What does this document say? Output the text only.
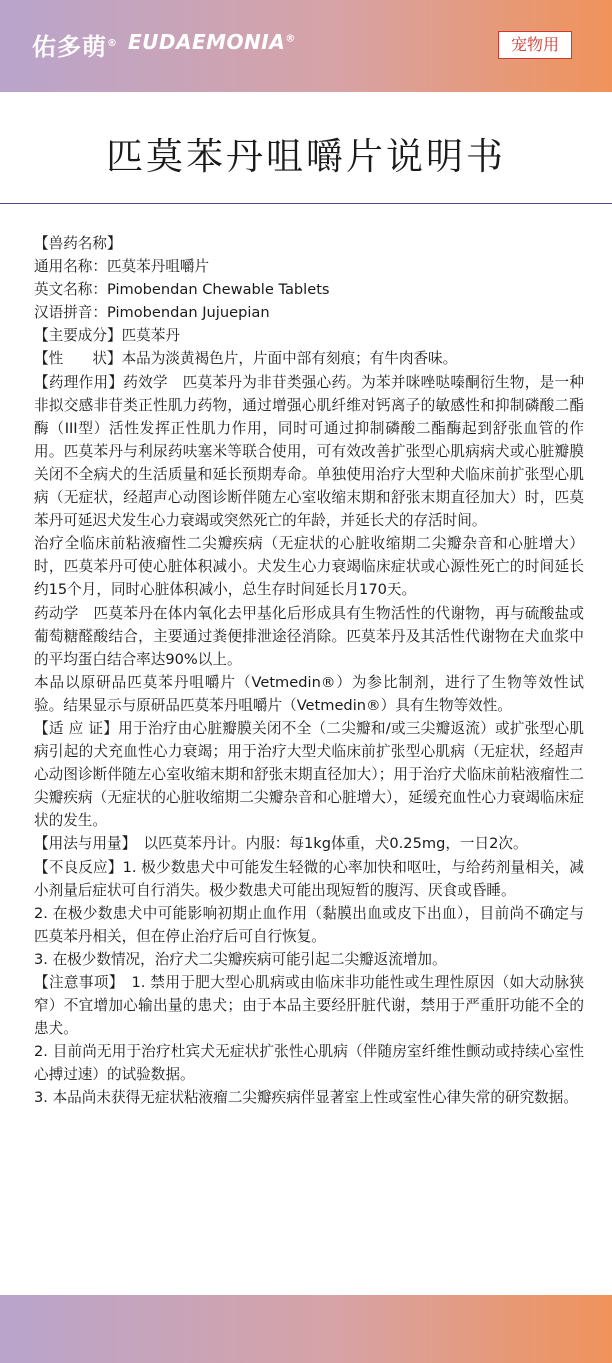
佑多萌® EUDAEMONIA®	宠物用
匹莫苯丹咀嚼片说明书

【兽药名称】

通用名称：匹莫苯丹咀嚼片

英文名称：Pimobendan Chewable Tablets

汉语拼音：Pimobendan Jujuepian

【主要成分】匹莫苯丹

【性　　状】本品为淡黄褐色片，片面中部有刻痕；有牛肉香味。

【药理作用】药效学　匹莫苯丹为非苷类强心药。为苯并咪唑哒嗪酮衍生物，是一种非拟交感非苷类正性肌力药物，通过增强心肌纤维对钙离子的敏感性和抑制磷酸二酯酶（III型）活性发挥正性肌力作用，同时可通过抑制磷酸二酯酶起到舒张血管的作用。匹莫苯丹与利尿药呋塞米等联合使用，可有效改善扩张型心肌病病犬或心脏瓣膜关闭不全病犬的生活质量和延长预期寿命。单独使用治疗大型种犬临床前扩张型心肌病（无症状，经超声心动图诊断伴随左心室收缩末期和舒张末期直径加大）时，匹莫苯丹可延迟犬发生心力衰竭或突然死亡的年龄，并延长犬的存活时间。

治疗全临床前粘液瘤性二尖瓣疾病（无症状的心脏收缩期二尖瓣杂音和心脏增大）时，匹莫苯丹可使心脏体积减小。犬发生心力衰竭临床症状或心源性死亡的时间延长约15个月，同时心脏体积减小，总生存时间延长月170天。

药动学　匹莫苯丹在体内氧化去甲基化后形成具有生物活性的代谢物，再与硫酸盐或葡萄糖醛酸结合，主要通过粪便排泄途径消除。匹莫苯丹及其活性代谢物在犬血浆中的平均蛋白结合率达90%以上。

本品以原研品匹莫苯丹咀嚼片（Vetmedin®）为参比制剂，进行了生物等效性试验。结果显示与原研品匹莫苯丹咀嚼片（Vetmedin®）具有生物等效性。

【适 应 证】用于治疗由心脏瓣膜关闭不全（二尖瓣和/或三尖瓣返流）或扩张型心肌病引起的犬充血性心力衰竭；用于治疗大型犬临床前扩张型心肌病（无症状，经超声心动图诊断伴随左心室收缩末期和舒张末期直径加大）；用于治疗犬临床前粘液瘤性二尖瓣疾病（无症状的心脏收缩期二尖瓣杂音和心脏增大），延缓充血性心力衰竭临床症状的发生。

【用法与用量】　以匹莫苯丹计。内服：每1kg体重，犬0.25mg，一日2次。

【不良反应】1. 极少数患犬中可能发生轻微的心率加快和呕吐，与给药剂量相关，减小剂量后症状可自行消失。极少数患犬可能出现短暂的腹泻、厌食或昏睡。

2. 在极少数患犬中可能影响初期止血作用（黏膜出血或皮下出血），目前尚不确定与匹莫苯丹相关，但在停止治疗后可自行恢复。

3. 在极少数情况，治疗犬二尖瓣疾病可能引起二尖瓣返流增加。

【注意事项】　1. 禁用于肥大型心肌病或由临床非功能性或生理性原因（如大动脉狭窄）不宜增加心输出量的患犬；由于本品主要经肝脏代谢，禁用于严重肝功能不全的患犬。

2. 目前尚无用于治疗杜宾犬无症状扩张性心肌病（伴随房室纤维性颤动或持续心室性心搏过速）的试验数据。

3. 本品尚未获得无症状粘液瘤二尖瓣疾病伴显著室上性或室性心律失常的研究数据。
